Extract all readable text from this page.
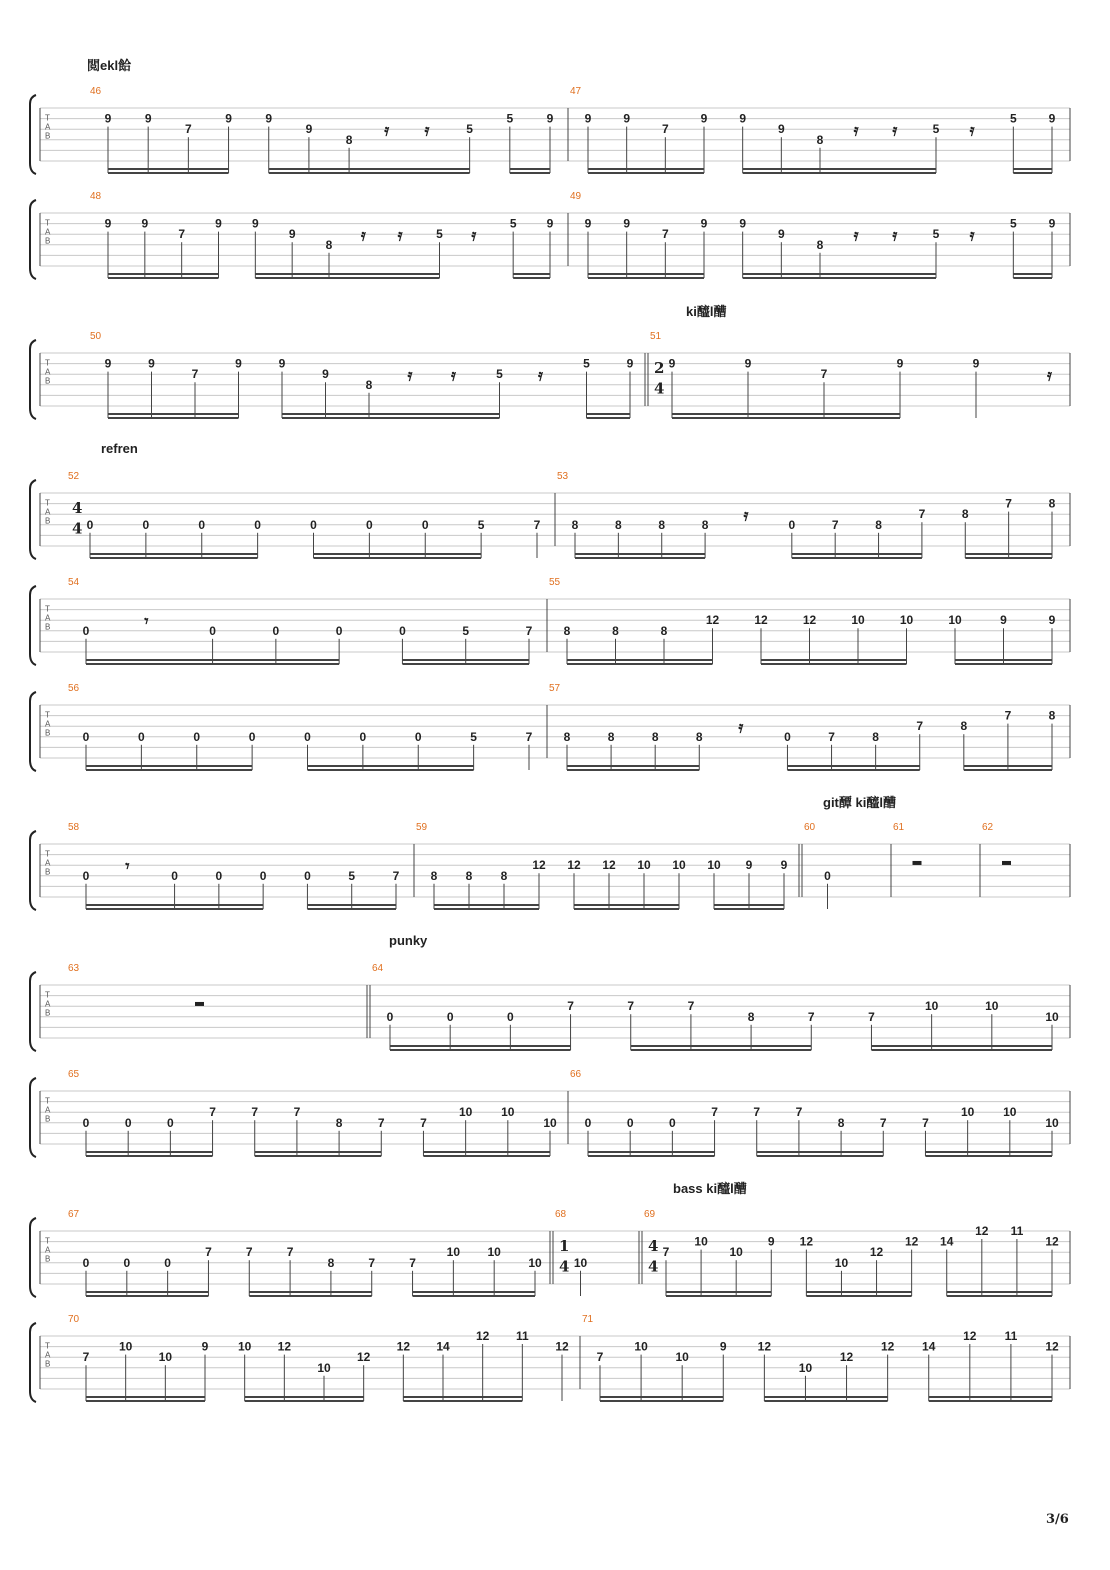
T
A
B
46
9	9
7
9	9
9
8
𝄿 𝄿	5
5	9
47
9	9
7
9	9
9
8
𝄿 𝄿	5 𝄿
5	9
T
A
B
48
9	9
7
9	9
9
8
𝄿 𝄿	5 𝄿
5	9
49
9	9
7
9	9
9
8
𝄿 𝄿	5 𝄿
5	9
T
A
B
50
9	9
7
9	9
9
8
𝄿 𝄿	5 𝄿
5	9
51
2
4
9	9
7
9	9
𝄿
T
A
B
52
4
4 0	0	0	0	0	0	0	5	7
53
8	8	8	8
𝄿
0	7	8
7	8
7	8
T
A
B
54
0
𝄾
0	0	0	0	5	7
55
8	8	8
12	12	12	10	10	10	9	9
T
A
B
56
0	0	0	0	0	0	0	5	7
57
8	8	8	8
𝄿
0	7	8
7	8
7	8
T
A
B
58
0
𝄾
0	0	0	0	5	7
59
8 8 8
12 12 12 10 10 10 9 9
60
0
61	62
T
A
B
63	64
0	0	0
7	7	7
8	7	7
10	10
10
T
A
B
65
0	0	0
7	7	7
8	7	7
10 10
10
66
0	0	0
7	7	7
8	7	7
10 10
10
T
A
B
67
0	0	0
7	7	7
8	7	7
10 10
10
68
1
4 10
69
4
4
7
10
10
9 12
10
12
12 14
12 11
12
T
A
B
70
7
10
10
9 10 12
10
12
12 14
12 11
12
71
7
10
10
9	12
10
12
12 14
12 11
12
閲ekl餄
ki醯l醩
refren
git醰 ki醯l醩
punky
bass ki醯l醩
3/6
